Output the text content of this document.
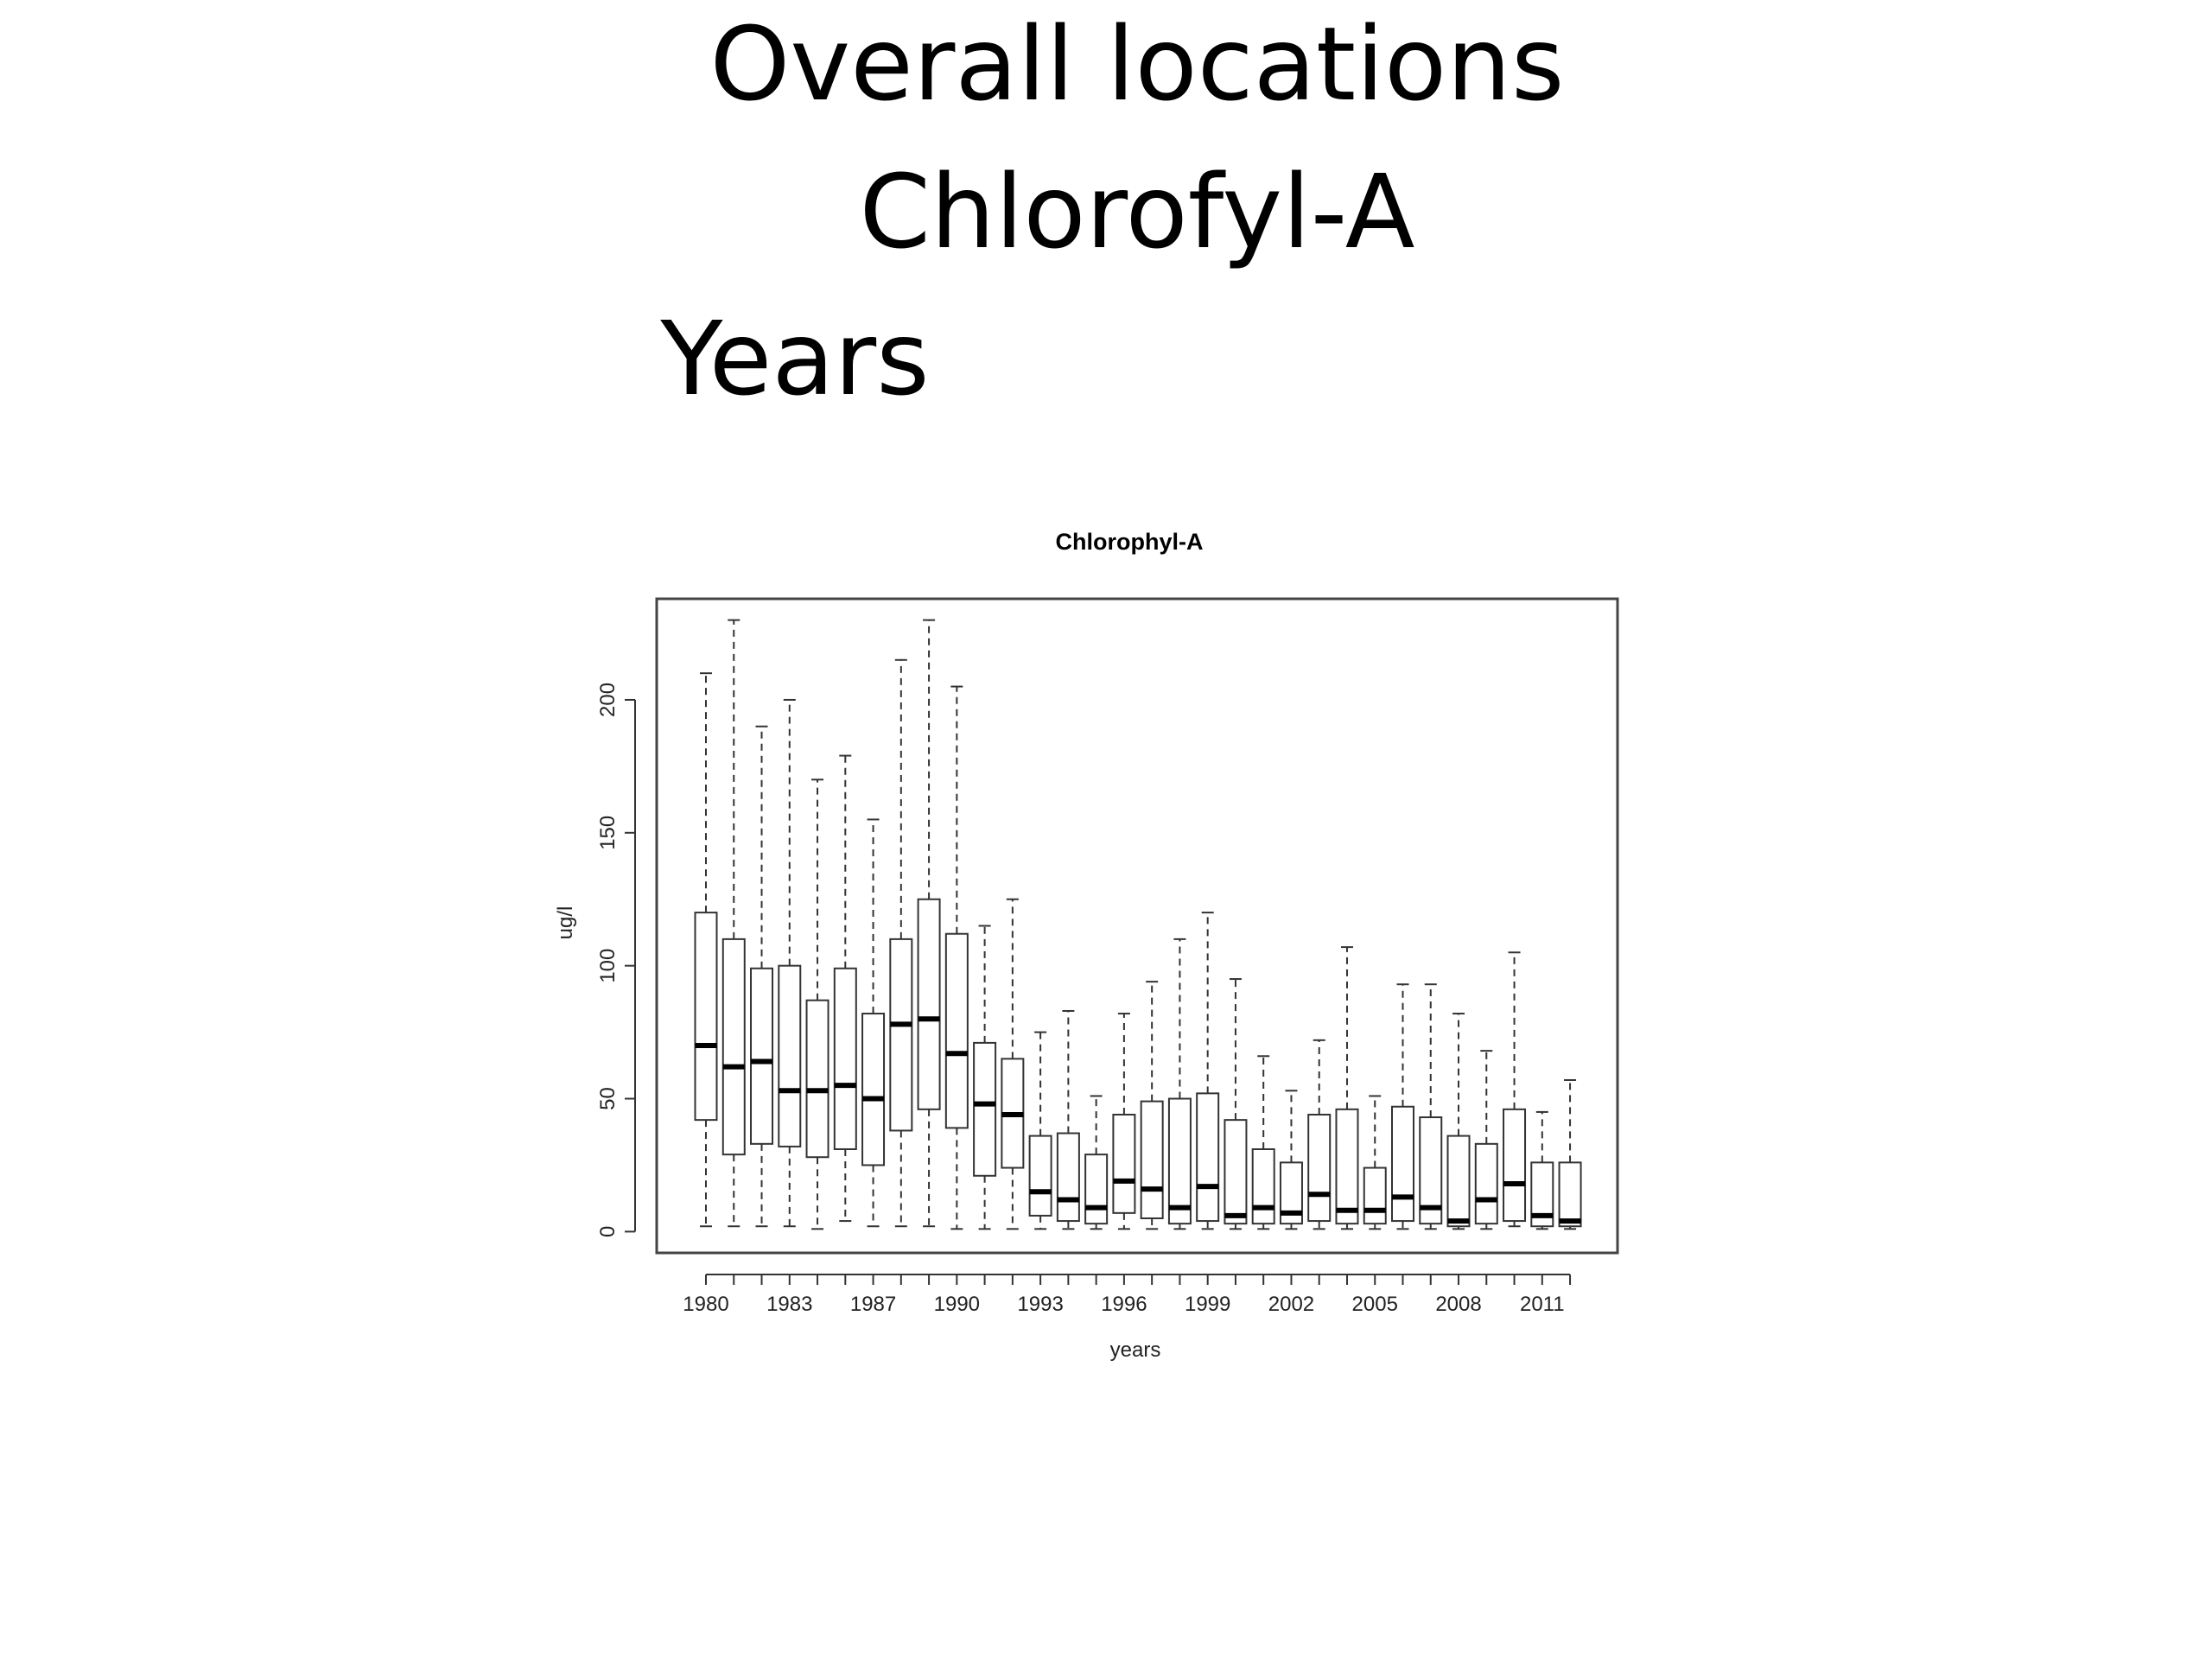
Overall locations
Chlorofyl-A
Years
Chlorophyl-A
0
50
100
150
200
1980 1983 1987 1990 1993 1996 1999 2002 2005 2008 2011
years
ug/l
